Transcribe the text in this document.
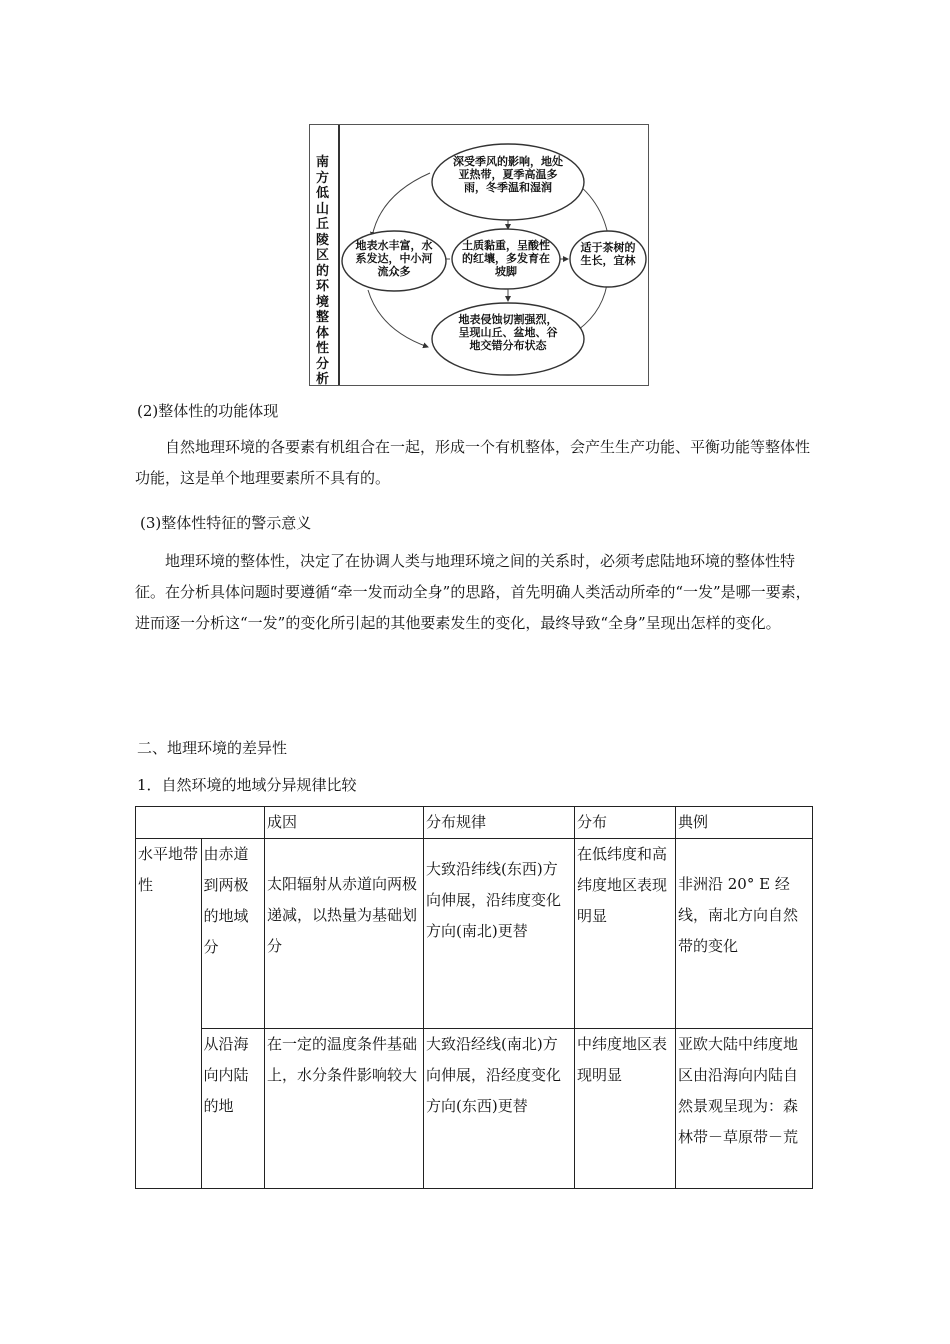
南方低山丘陵区的环境整体性分析
深受季风的影响，地处亚热带，夏季高温多雨，冬季温和湿润
地表水丰富，水系发达，中小河流众多
土质黏重，呈酸性的红壤，多发育在坡脚
适于茶树的生长，宜林
地表侵蚀切割强烈，呈现山丘、盆地、谷地交错分布状态
(2)整体性的功能体现
自然地理环境的各要素有机组合在一起，形成一个有机整体，会产生生产功能、平衡功能等整体性功能，这是单个地理要素所不具有的。
(3)整体性特征的警示意义
地理环境的整体性，决定了在协调人类与地理环境之间的关系时，必须考虑陆地环境的整体性特征。在分析具体问题时要遵循“牵一发而动全身”的思路，首先明确人类活动所牵的“一发”是哪一要素，进而逐一分析这“一发”的变化所引起的其他要素发生的变化，最终导致“全身”呈现出怎样的变化。
二、地理环境的差异性
1．自然环境的地域分异规律比较
		成因	分布规律	分布	典例
水平地带性	由赤道到两极的地域分	太阳辐射从赤道向两极递减，以热量为基础划分	大致沿纬线(东西)方向伸展，沿纬度变化方向(南北)更替	在低纬度和高纬度地区表现明显	非洲沿 20° E 经线，南北方向自然带的变化
	从沿海向内陆的地	在一定的温度条件基础上，水分条件影响较大	大致沿经线(南北)方向伸展，沿经度变化方向(东西)更替	中纬度地区表现明显	亚欧大陆中纬度地区由沿海向内陆自然景观呈现为：森林带－草原带－荒
